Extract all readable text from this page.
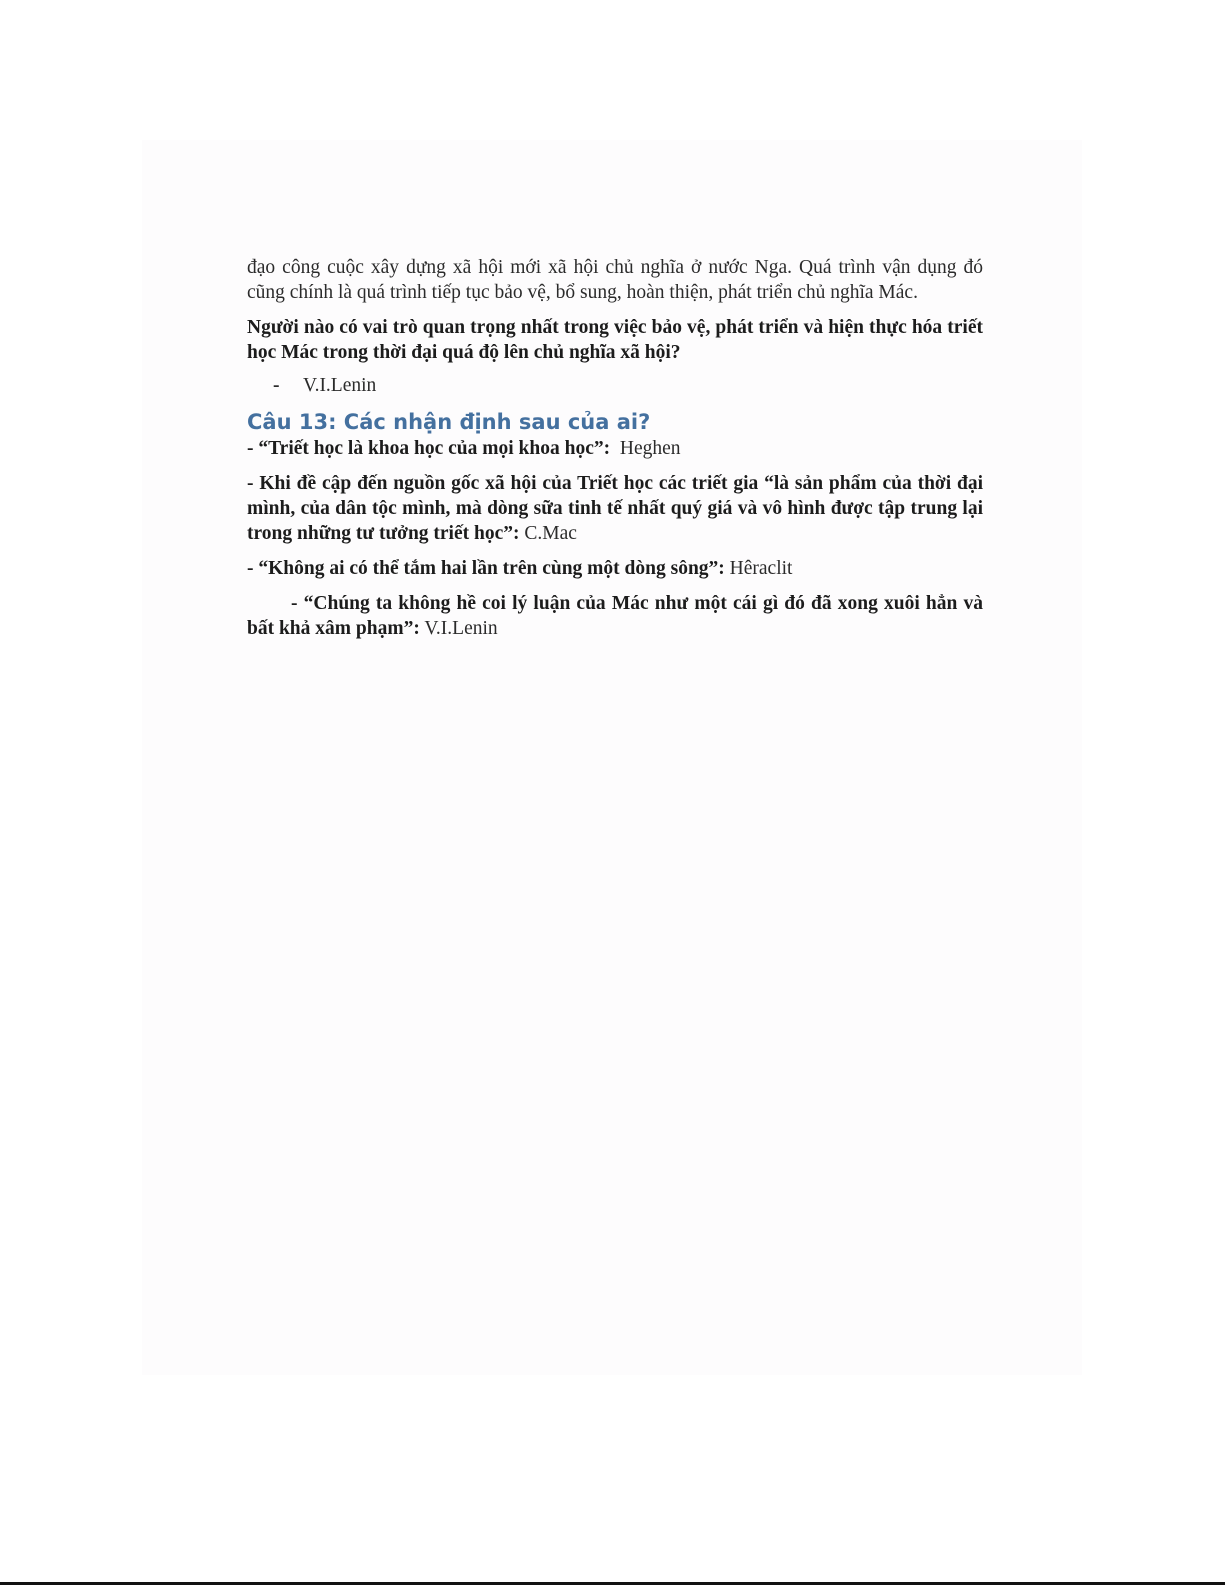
đạo công cuộc xây dựng xã hội mới xã hội chủ nghĩa ở nước Nga. Quá trình vận dụng đó cũng chính là quá trình tiếp tục bảo vệ, bổ sung, hoàn thiện, phát triển chủ nghĩa Mác.

Người nào có vai trò quan trọng nhất trong việc bảo vệ, phát triển và hiện thực hóa triết học Mác trong thời đại quá độ lên chủ nghĩa xã hội?

-	V.I.Lenin
Câu 13: Các nhận định sau của ai?

- “Triết học là khoa học của mọi khoa học”: Heghen

- Khi đề cập đến nguồn gốc xã hội của Triết học các triết gia “là sản phẩm của thời đại mình, của dân tộc mình, mà dòng sữa tinh tế nhất quý giá và vô hình được tập trung lại trong những tư tưởng triết học”: C.Mac

- “Không ai có thể tắm hai lần trên cùng một dòng sông”: Hêraclit

- “Chúng ta không hề coi lý luận của Mác như một cái gì đó đã xong xuôi hẳn và bất khả xâm phạm”: V.I.Lenin
